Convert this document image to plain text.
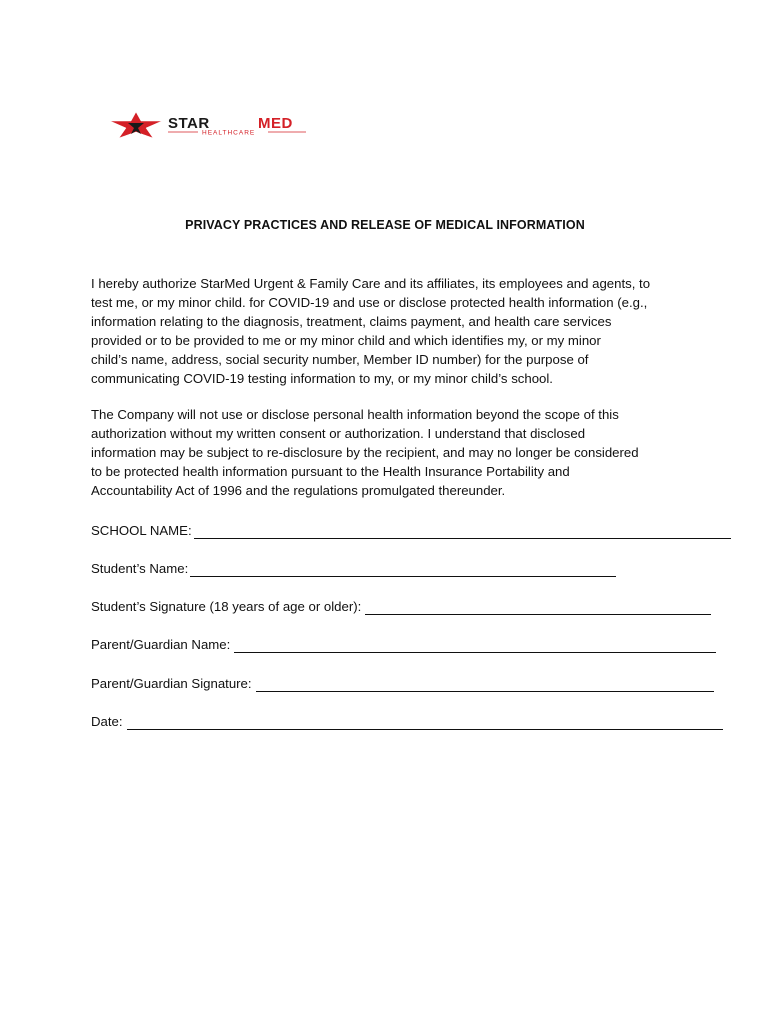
STAR	MED
HEALTHCARE
PRIVACY PRACTICES AND RELEASE OF MEDICAL INFORMATION
I hereby authorize StarMed Urgent & Family Care and its affiliates, its employees and agents, to
test me, or my minor child. for COVID-19 and use or disclose protected health information (e.g.,
information relating to the diagnosis, treatment, claims payment, and health care services
provided or to be provided to me or my minor child and which identifies my, or my minor
child’s name, address, social security number, Member ID number) for the purpose of
communicating COVID-19 testing information to my, or my minor child’s school.
The Company will not use or disclose personal health information beyond the scope of this
authorization without my written consent or authorization. I understand that disclosed
information may be subject to re-disclosure by the recipient, and may no longer be considered
to be protected health information pursuant to the Health Insurance Portability and
Accountability Act of 1996 and the regulations promulgated thereunder.
SCHOOL NAME:
Student’s Name:
Student’s Signature (18 years of age or older):
Parent/Guardian Name:
Parent/Guardian Signature:
Date:
